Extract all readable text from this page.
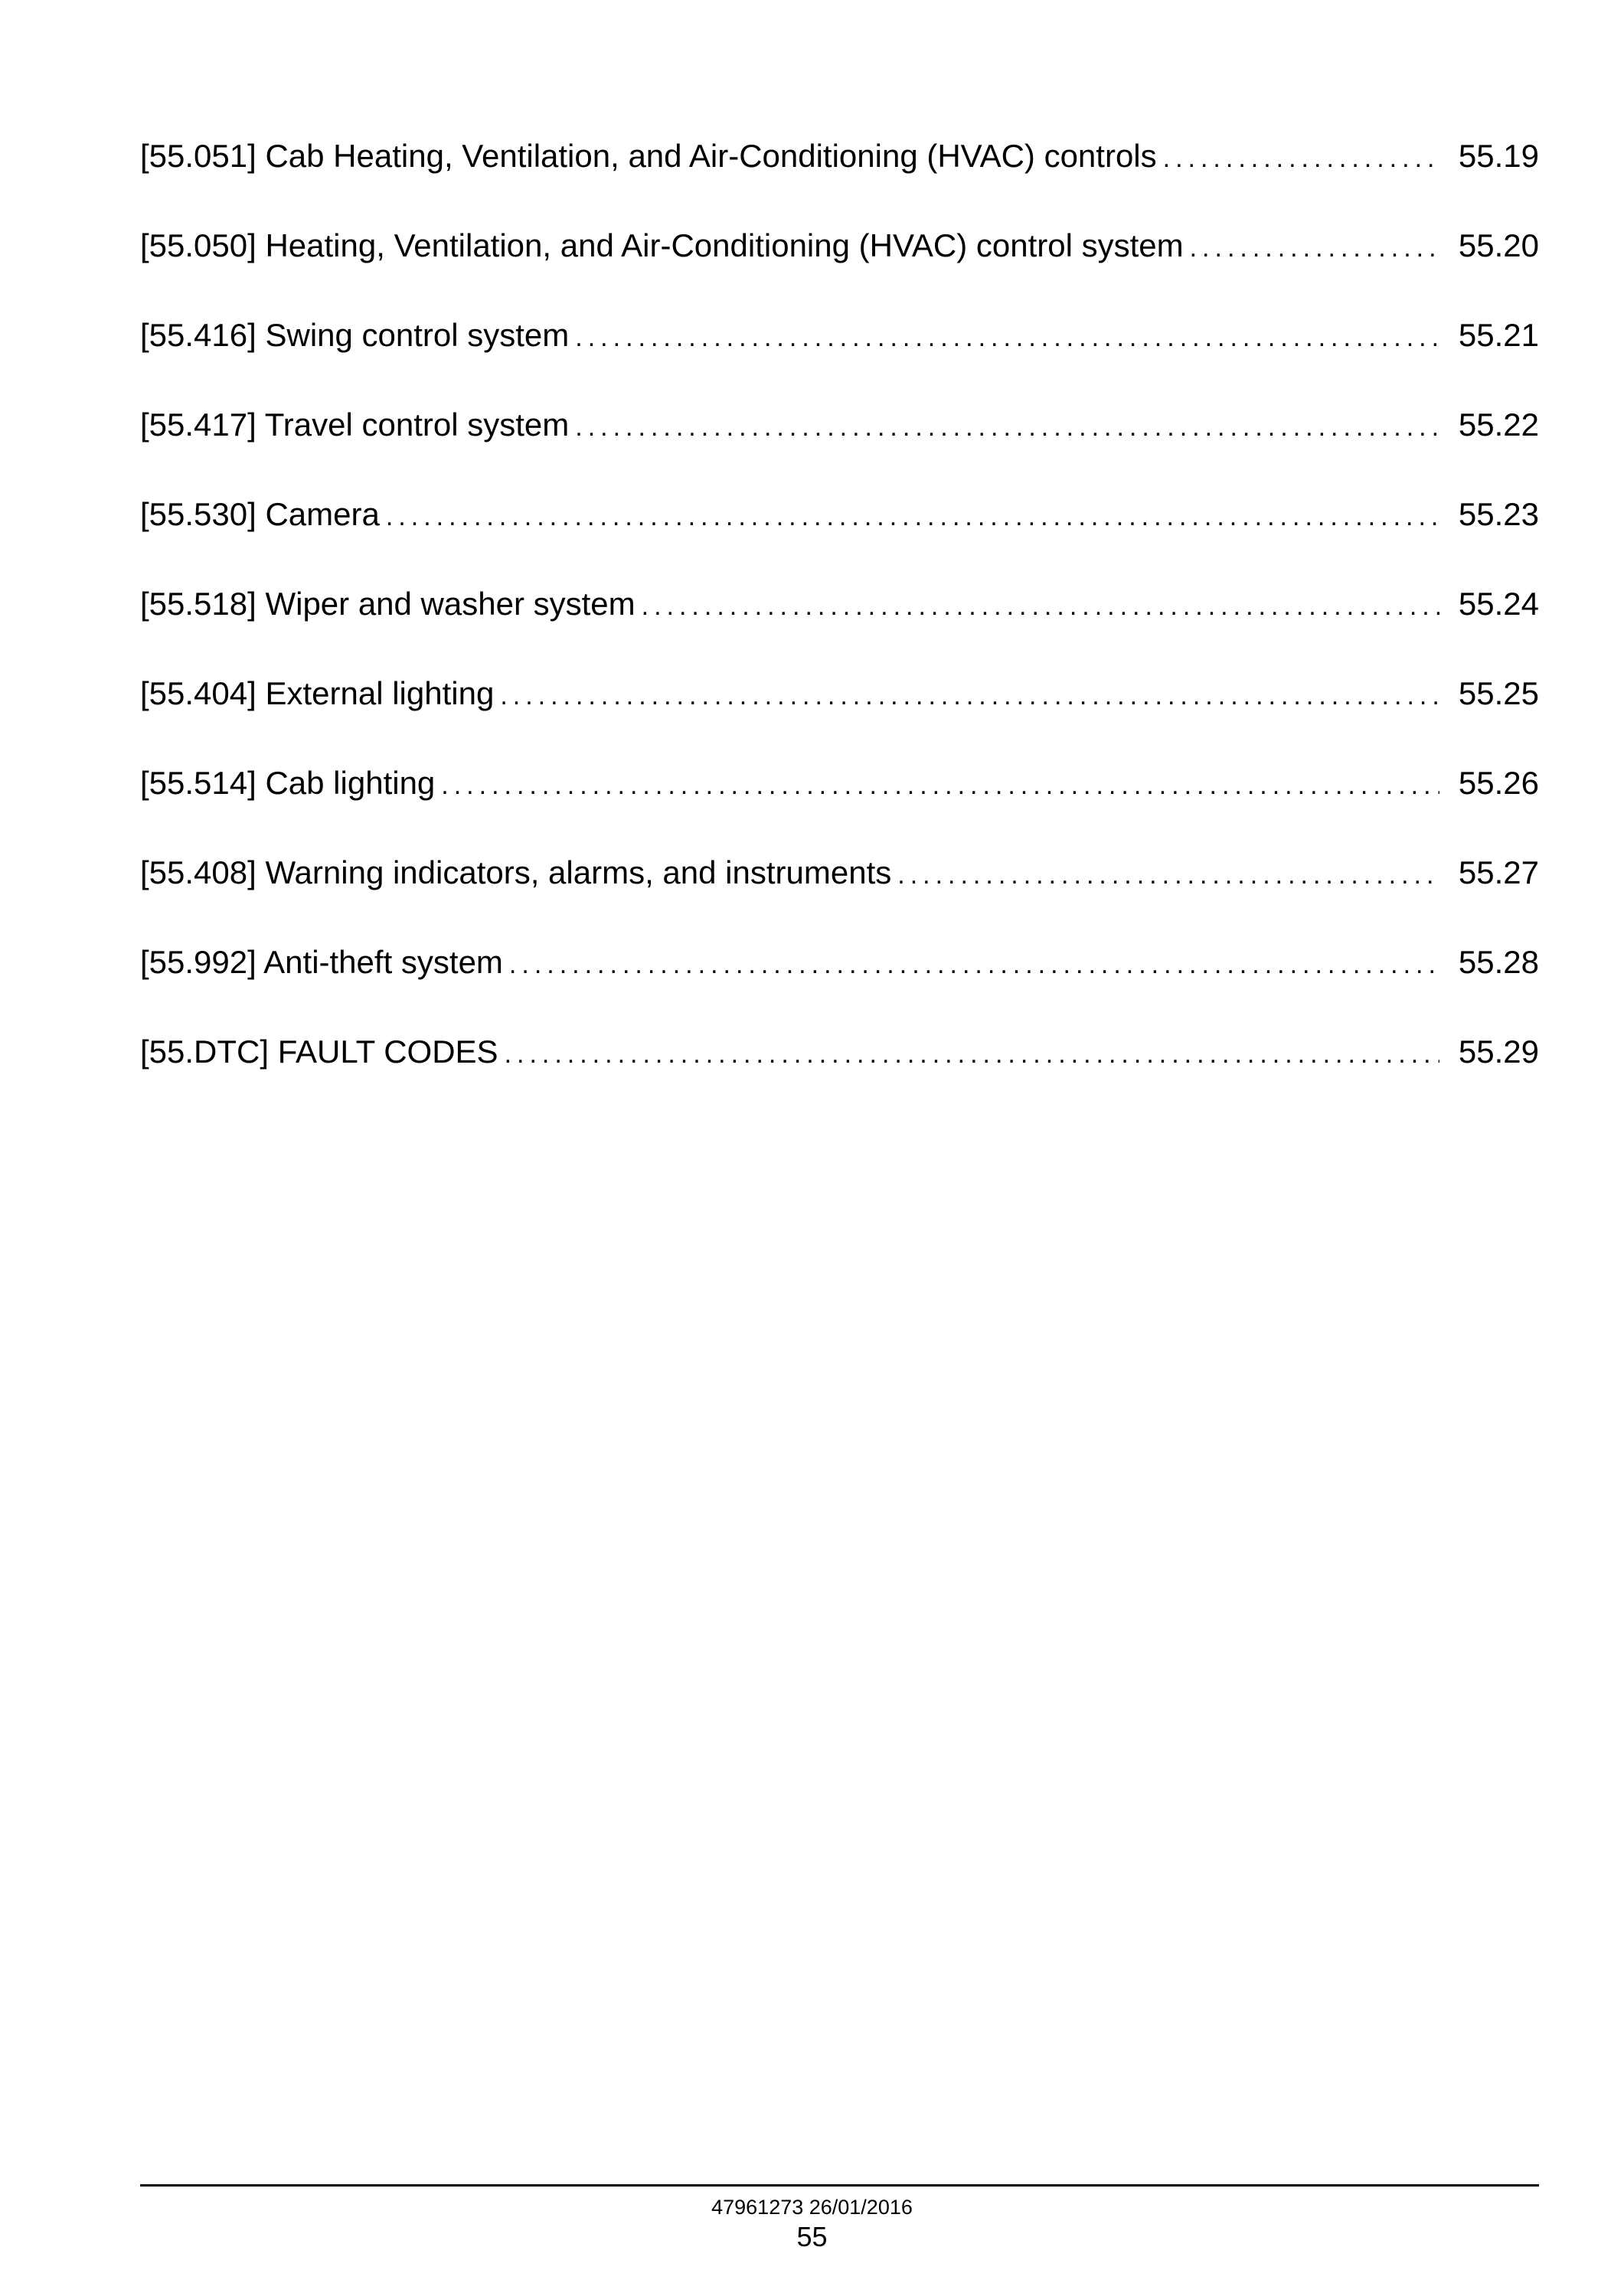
[55.051] Cab Heating, Ventilation, and Air-Conditioning (HVAC) controls .....	55.19
[55.050] Heating, Ventilation, and Air-Conditioning (HVAC) control system .....	55.20
[55.416] Swing control system .....	55.21
[55.417] Travel control system .....	55.22
[55.530] Camera .....	55.23
[55.518] Wiper and washer system .....	55.24
[55.404] External lighting .....	55.25
[55.514] Cab lighting .....	55.26
[55.408] Warning indicators, alarms, and instruments .....	55.27
[55.992] Anti-theft system .....	55.28
[55.DTC] FAULT CODES .....	55.29
47961273 26/01/2016
55
